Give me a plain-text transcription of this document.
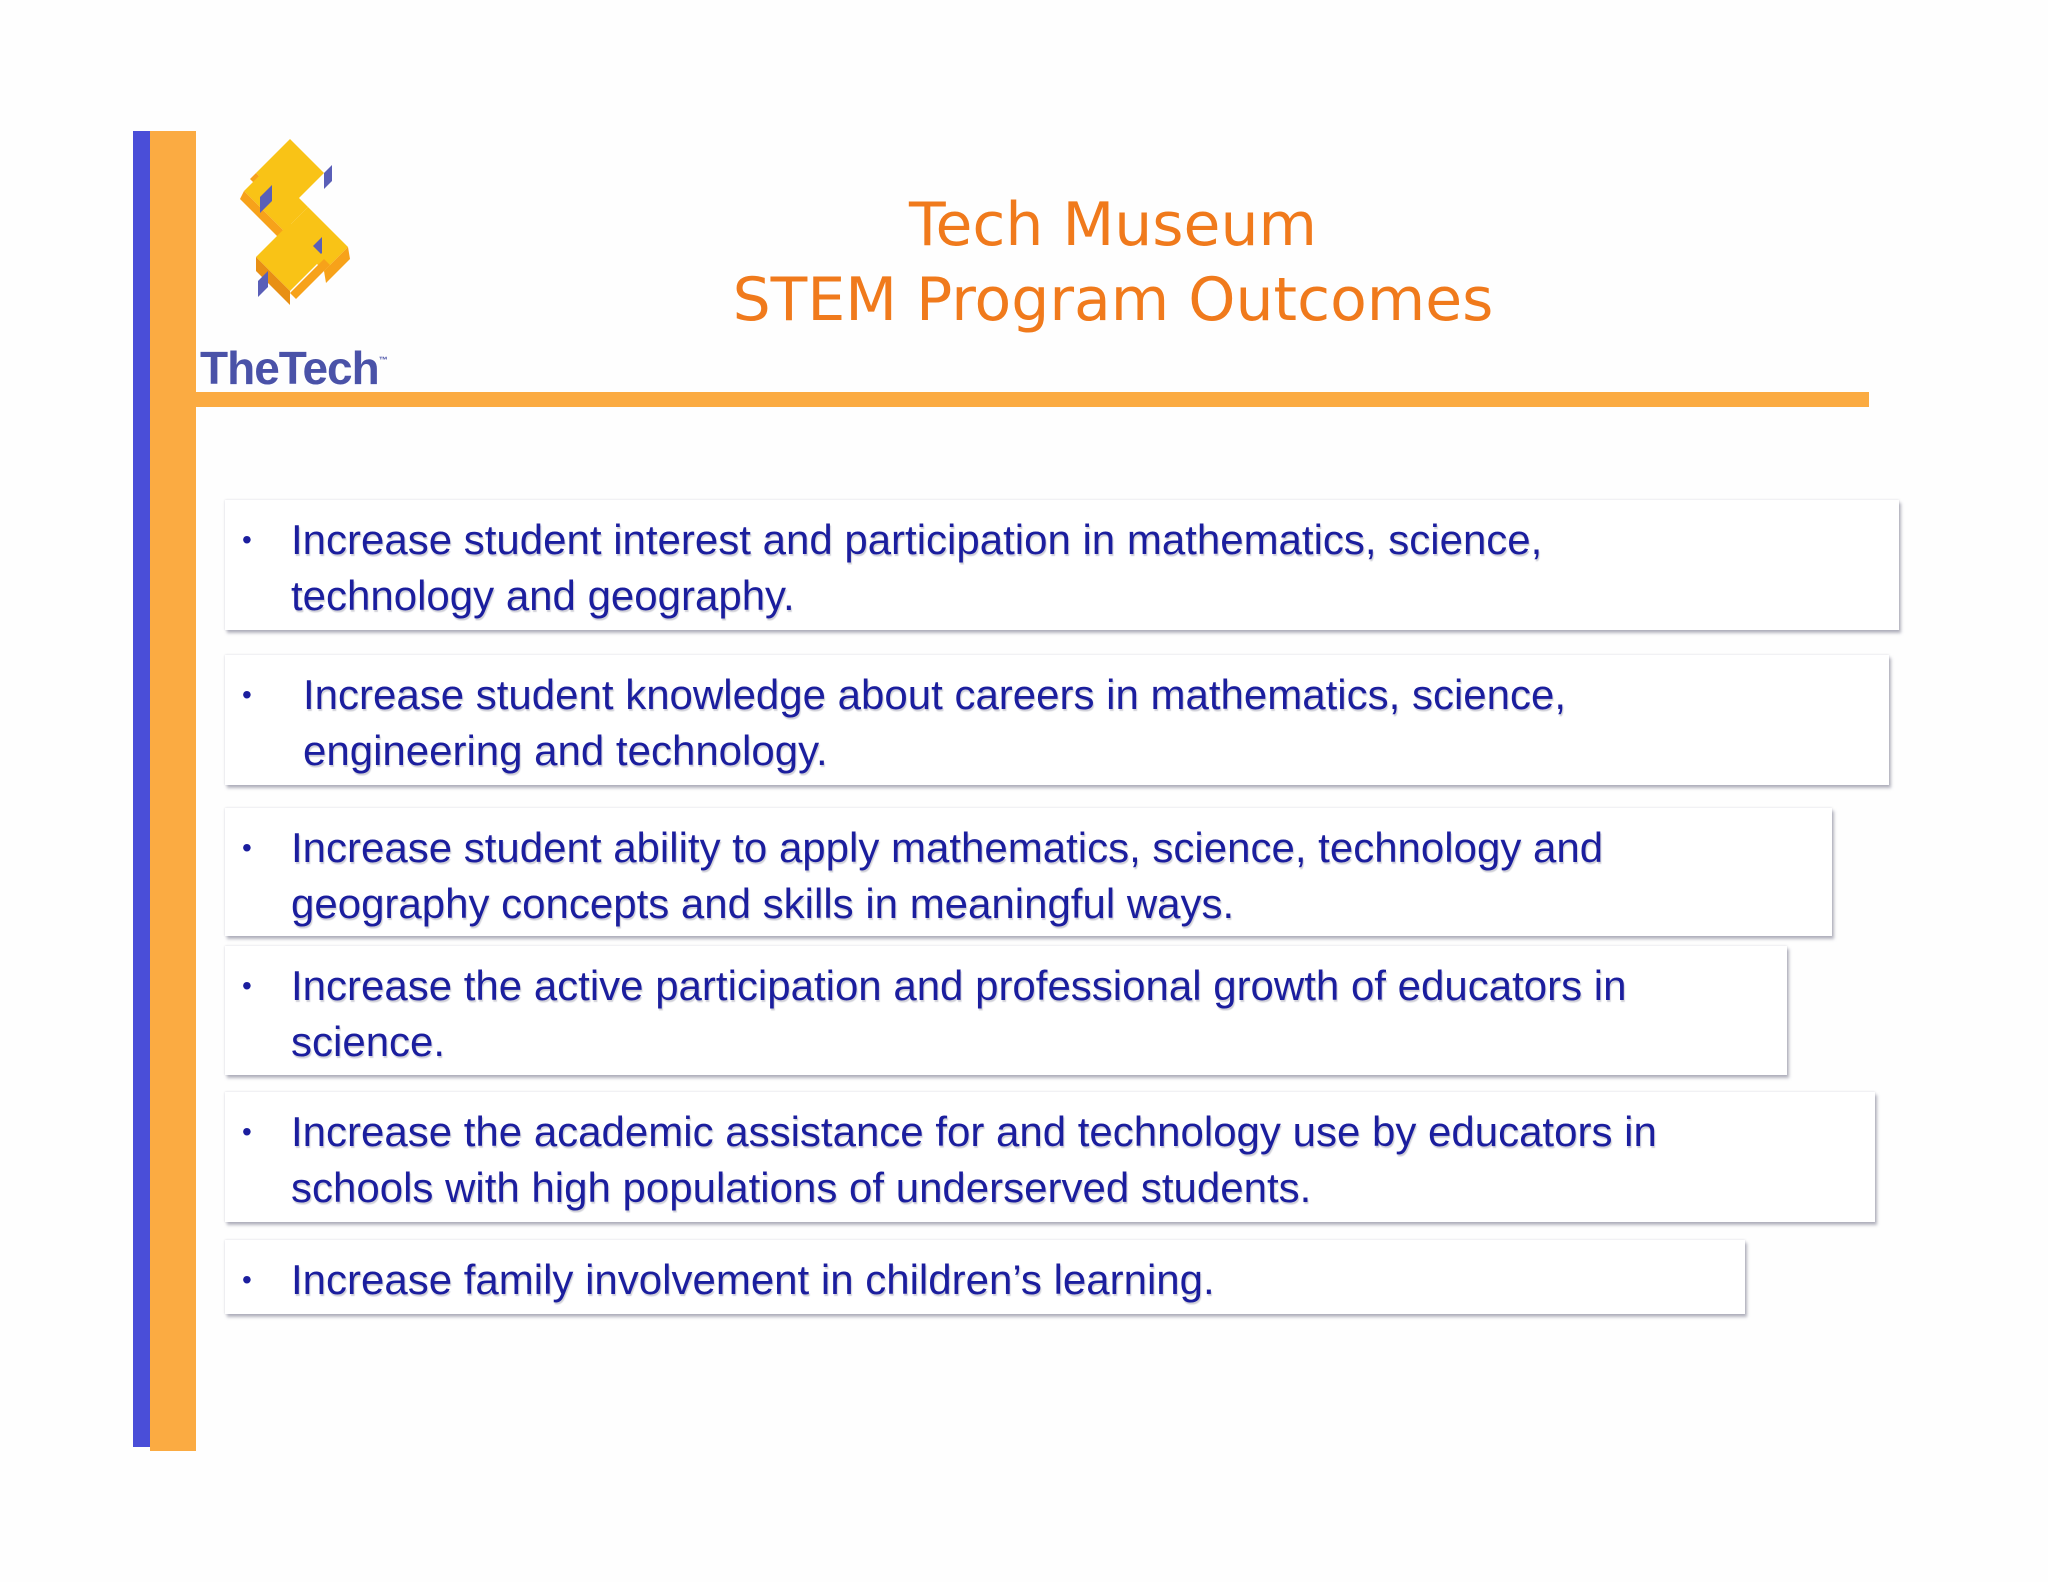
TheTech™
Tech Museum
STEM Program Outcomes
• Increase student interest and participation in mathematics, science,
technology and geography.
• Increase student knowledge about careers in mathematics, science,
engineering and technology.
• Increase student ability to apply mathematics, science, technology and
geography concepts and skills in meaningful ways.
• Increase the active participation and professional growth of educators in
science.
• Increase the academic assistance for and technology use by educators in
schools with high populations of underserved students.
• Increase family involvement in children’s learning.
